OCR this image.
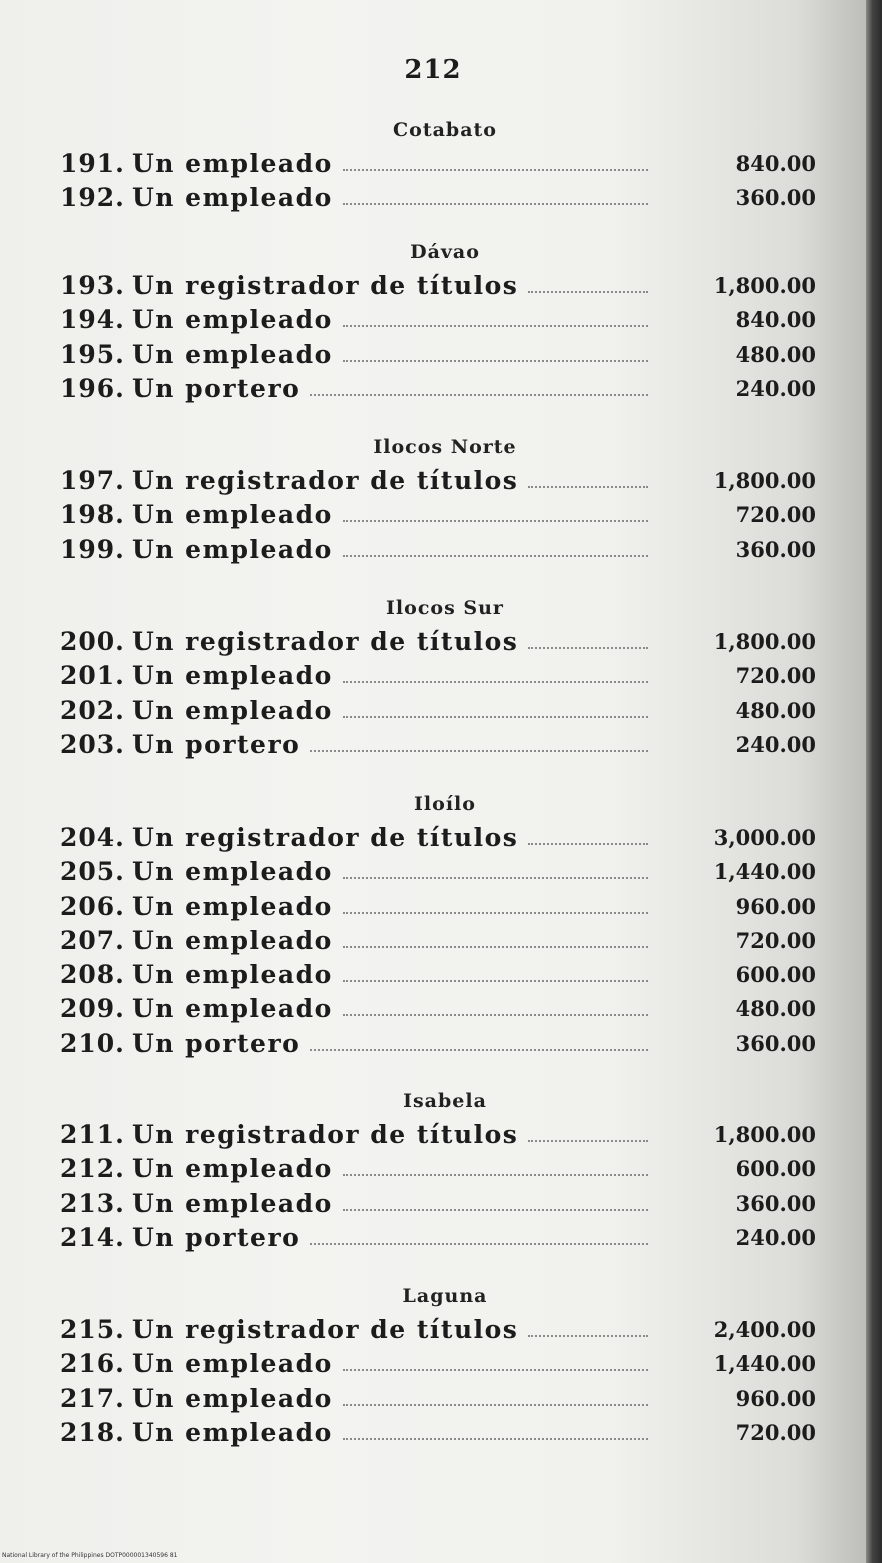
212
Cotabato
191. Un empleado	840.00
192. Un empleado	360.00
Dávao
193. Un registrador de títulos	1,800.00
194. Un empleado	840.00
195. Un empleado	480.00
196. Un portero	240.00
Ilocos Norte
197. Un registrador de títulos	1,800.00
198. Un empleado	720.00
199. Un empleado	360.00
Ilocos Sur
200. Un registrador de títulos	1,800.00
201. Un empleado	720.00
202. Un empleado	480.00
203. Un portero	240.00
Iloílo
204. Un registrador de títulos	3,000.00
205. Un empleado	1,440.00
206. Un empleado	960.00
207. Un empleado	720.00
208. Un empleado	600.00
209. Un empleado	480.00
210. Un portero	360.00
Isabela
211. Un registrador de títulos	1,800.00
212. Un empleado	600.00
213. Un empleado	360.00
214. Un portero	240.00
Laguna
215. Un registrador de títulos	2,400.00
216. Un empleado	1,440.00
217. Un empleado	960.00
218. Un empleado	720.00
National Library of the Philippines DOTP000001340596 81
